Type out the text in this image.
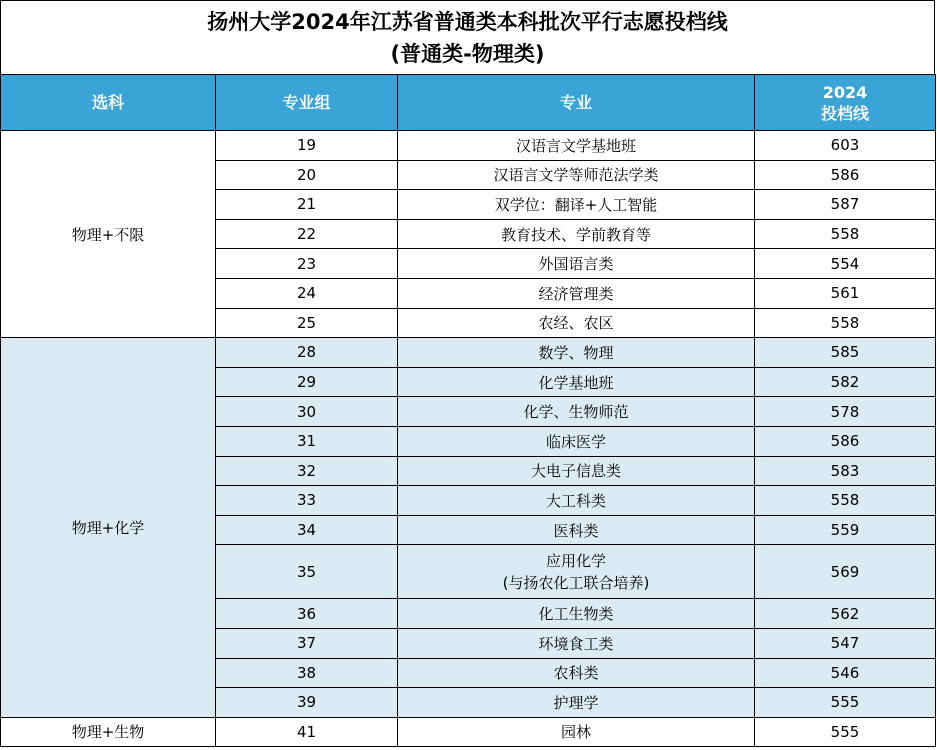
扬州大学2024年江苏省普通类本科批次平行志愿投档线
(普通类-物理类)
选科	专业组	专业	2024
投档线

物理+不限	19	汉语言文学基地班	603
	20	汉语言文学等师范法学类	586
	21	双学位：翻译+人工智能	587
	22	教育技术、学前教育等	558
	23	外国语言类	554
	24	经济管理类	561
	25	农经、农区	558
物理+化学	28	数学、物理	585
	29	化学基地班	582
	30	化学、生物师范	578
	31	临床医学	586
	32	大电子信息类	583
	33	大工科类	558
	34	医科类	559
	35	应用化学
(与扬农化工联合培养)	569
	36	化工生物类	562
	37	环境食工类	547
	38	农科类	546
	39	护理学	555
物理+生物	41	园林	555
